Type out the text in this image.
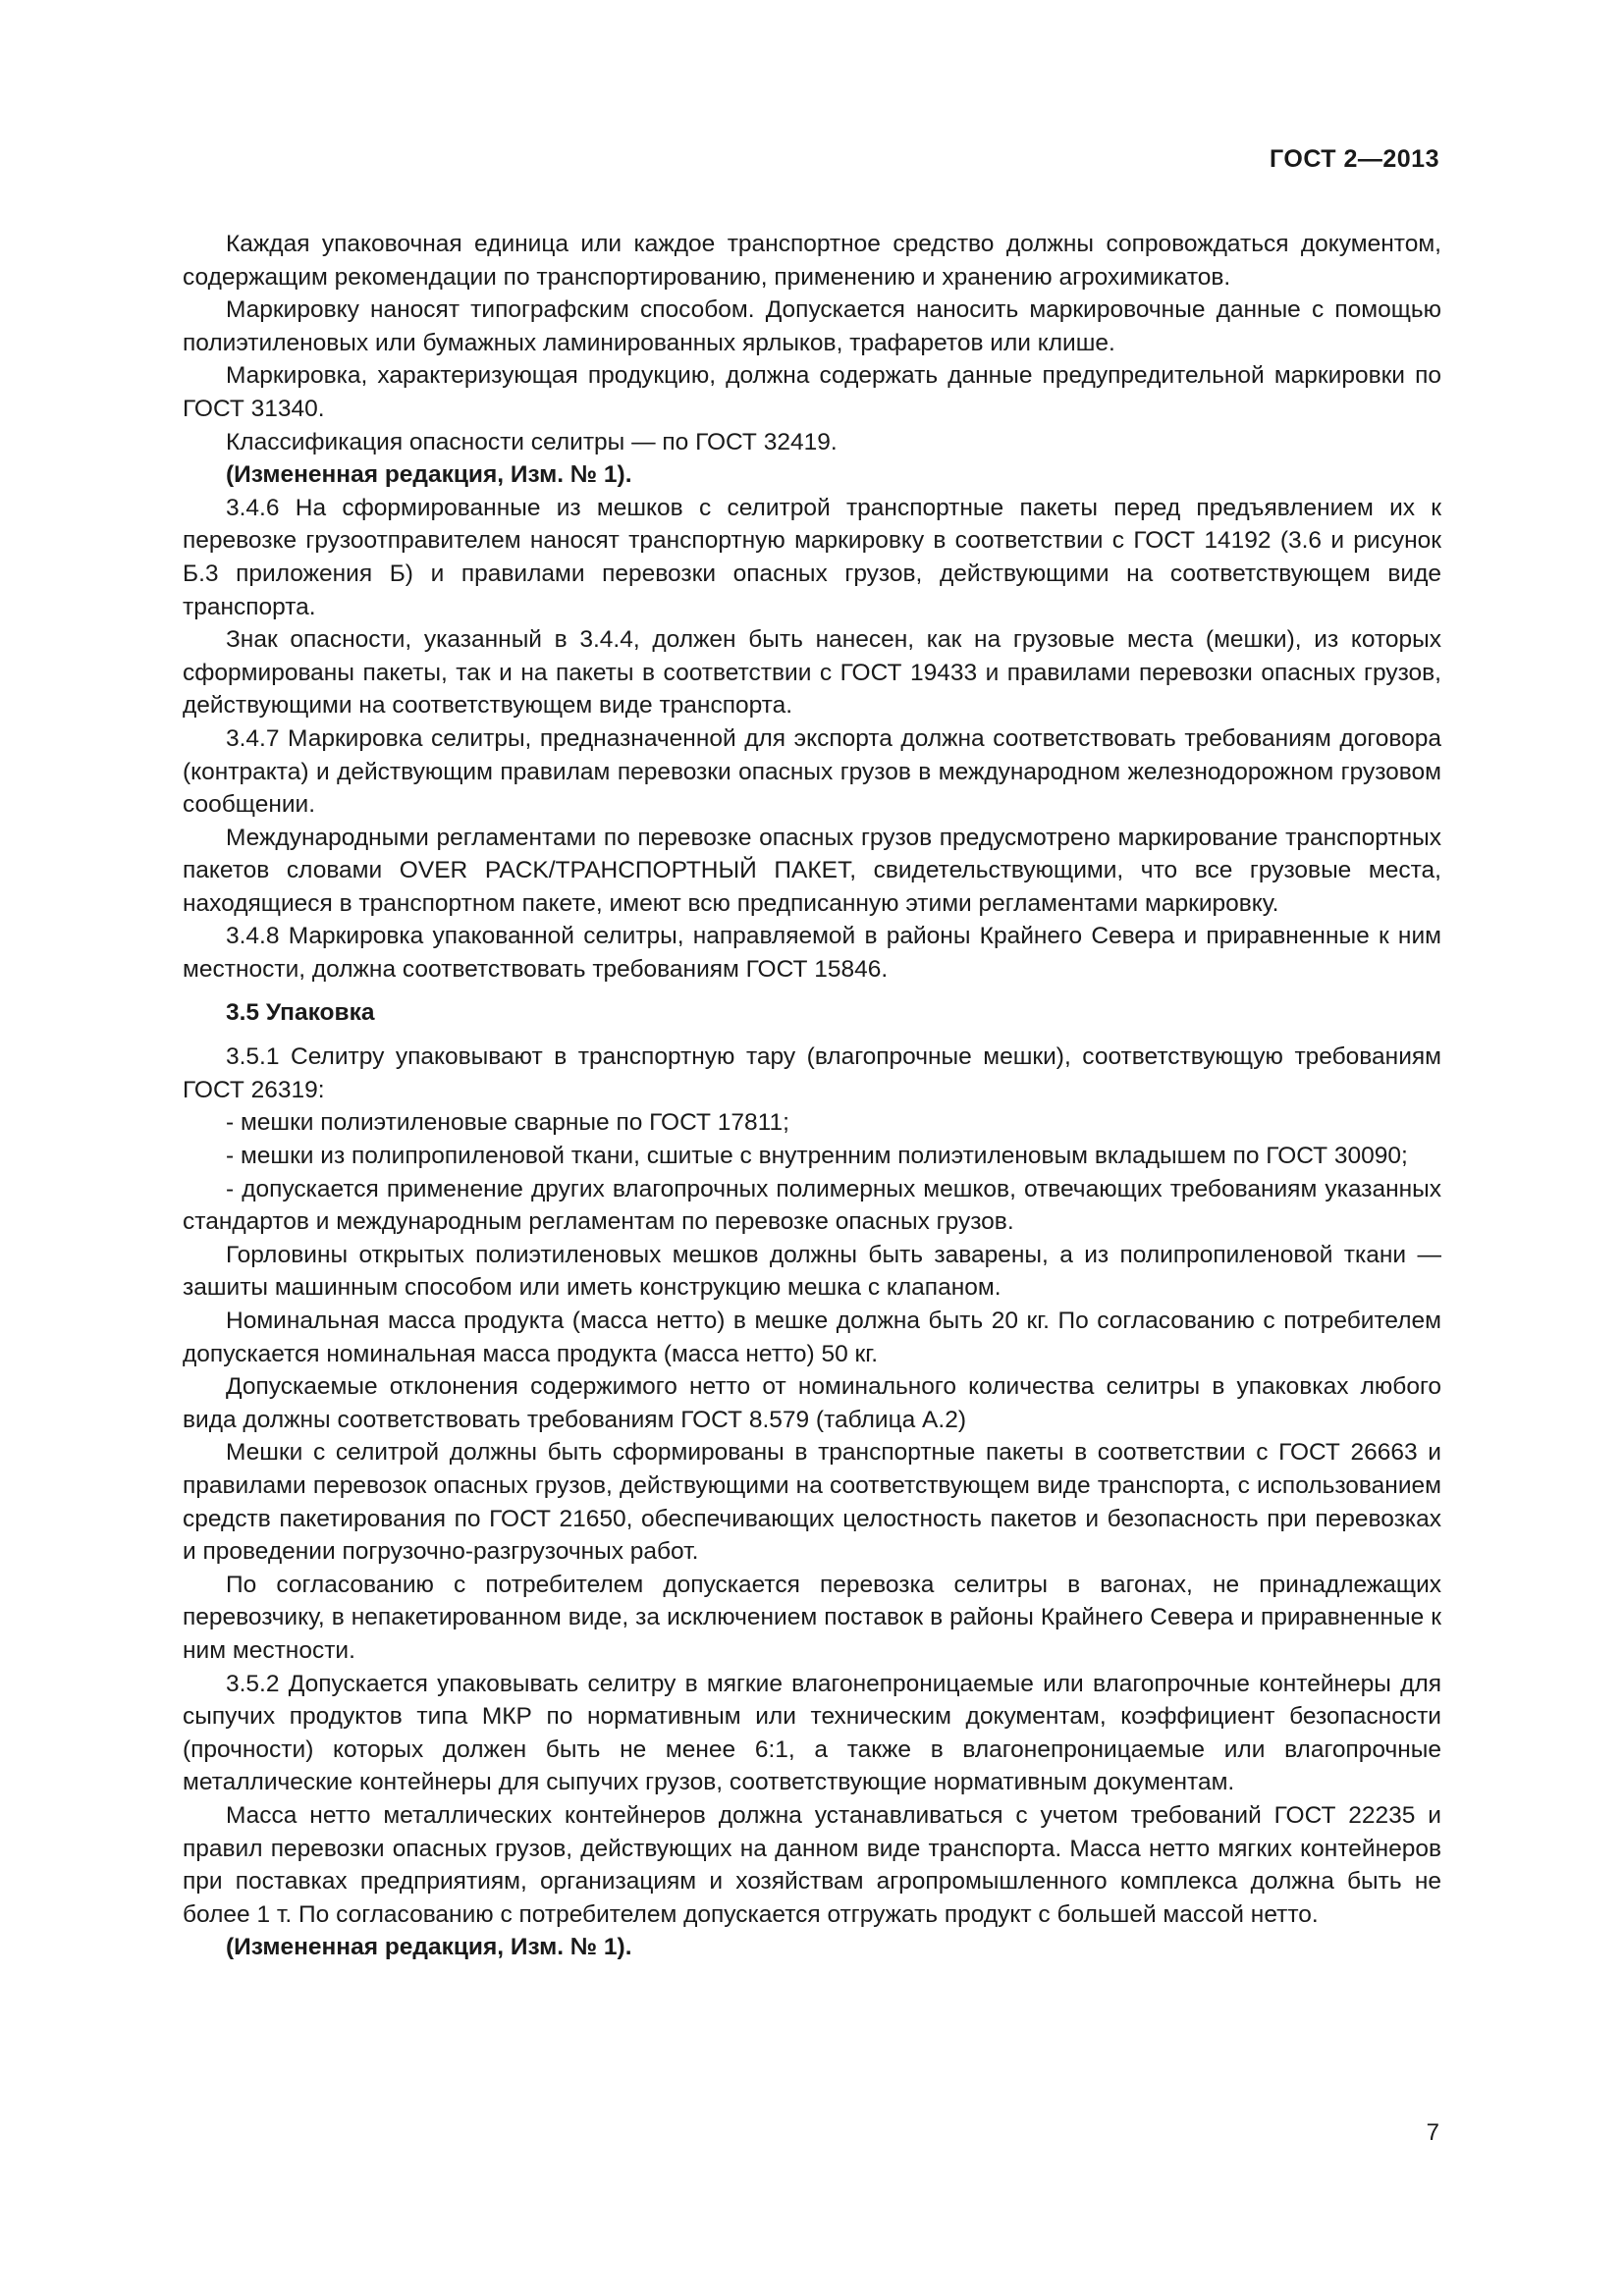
ГОСТ 2—2013

Каждая упаковочная единица или каждое транспортное средство должны сопровождаться документом, содержащим рекомендации по транспортированию, применению и хранению агрохимикатов.

Маркировку наносят типографским способом. Допускается наносить маркировочные данные с помощью полиэтиленовых или бумажных ламинированных ярлыков, трафаретов или клише.

Маркировка, характеризующая продукцию, должна содержать данные предупредительной маркировки по ГОСТ 31340.

Классификация опасности селитры — по ГОСТ 32419.

(Измененная редакция, Изм. № 1).

3.4.6 На сформированные из мешков с селитрой транспортные пакеты перед предъявлением их к перевозке грузоотправителем наносят транспортную маркировку в соответствии с ГОСТ 14192 (3.6 и рисунок Б.3 приложения Б) и правилами перевозки опасных грузов, действующими на соответствующем виде транспорта.

Знак опасности, указанный в 3.4.4, должен быть нанесен, как на грузовые места (мешки), из которых сформированы пакеты, так и на пакеты в соответствии с ГОСТ 19433 и правилами перевозки опасных грузов, действующими на соответствующем виде транспорта.

3.4.7 Маркировка селитры, предназначенной для экспорта должна соответствовать требованиям договора (контракта) и действующим правилам перевозки опасных грузов в международном железнодорожном грузовом сообщении.

Международными регламентами по перевозке опасных грузов предусмотрено маркирование транспортных пакетов словами OVER PACK/ТРАНСПОРТНЫЙ ПАКЕТ, свидетельствующими, что все грузовые места, находящиеся в транспортном пакете, имеют всю предписанную этими регламентами маркировку.

3.4.8 Маркировка упакованной селитры, направляемой в районы Крайнего Севера и приравненные к ним местности, должна соответствовать требованиям ГОСТ 15846.

3.5 Упаковка

3.5.1 Селитру упаковывают в транспортную тару (влагопрочные мешки), соответствующую требованиям ГОСТ 26319:

- мешки полиэтиленовые сварные по ГОСТ 17811;

- мешки из полипропиленовой ткани, сшитые с внутренним полиэтиленовым вкладышем по ГОСТ 30090;

- допускается применение других влагопрочных полимерных мешков, отвечающих требованиям указанных стандартов и международным регламентам по перевозке опасных грузов.

Горловины открытых полиэтиленовых мешков должны быть заварены, а из полипропиленовой ткани — зашиты машинным способом или иметь конструкцию мешка с клапаном.

Номинальная масса продукта (масса нетто) в мешке должна быть 20 кг. По согласованию с потребителем допускается номинальная масса продукта (масса нетто) 50 кг.

Допускаемые отклонения содержимого нетто от номинального количества селитры в упаковках любого вида должны соответствовать требованиям ГОСТ 8.579 (таблица А.2)

Мешки с селитрой должны быть сформированы в транспортные пакеты в соответствии с ГОСТ 26663 и правилами перевозок опасных грузов, действующими на соответствующем виде транспорта, с использованием средств пакетирования по ГОСТ 21650, обеспечивающих целостность пакетов и безопасность при перевозках и проведении погрузочно-разгрузочных работ.

По согласованию с потребителем допускается перевозка селитры в вагонах, не принадлежащих перевозчику, в непакетированном виде, за исключением поставок в районы Крайнего Севера и приравненные к ним местности.

3.5.2 Допускается упаковывать селитру в мягкие влагонепроницаемые или влагопрочные контейнеры для сыпучих продуктов типа МКР по нормативным или техническим документам, коэффициент безопасности (прочности) которых должен быть не менее 6:1, а также в влагонепроницаемые или влагопрочные металлические контейнеры для сыпучих грузов, соответствующие нормативным документам.

Масса нетто металлических контейнеров должна устанавливаться с учетом требований ГОСТ 22235 и правил перевозки опасных грузов, действующих на данном виде транспорта. Масса нетто мягких контейнеров при поставках предприятиям, организациям и хозяйствам агропромышленного комплекса должна быть не более 1 т. По согласованию с потребителем допускается отгружать продукт с большей массой нетто.

(Измененная редакция, Изм. № 1).

7
